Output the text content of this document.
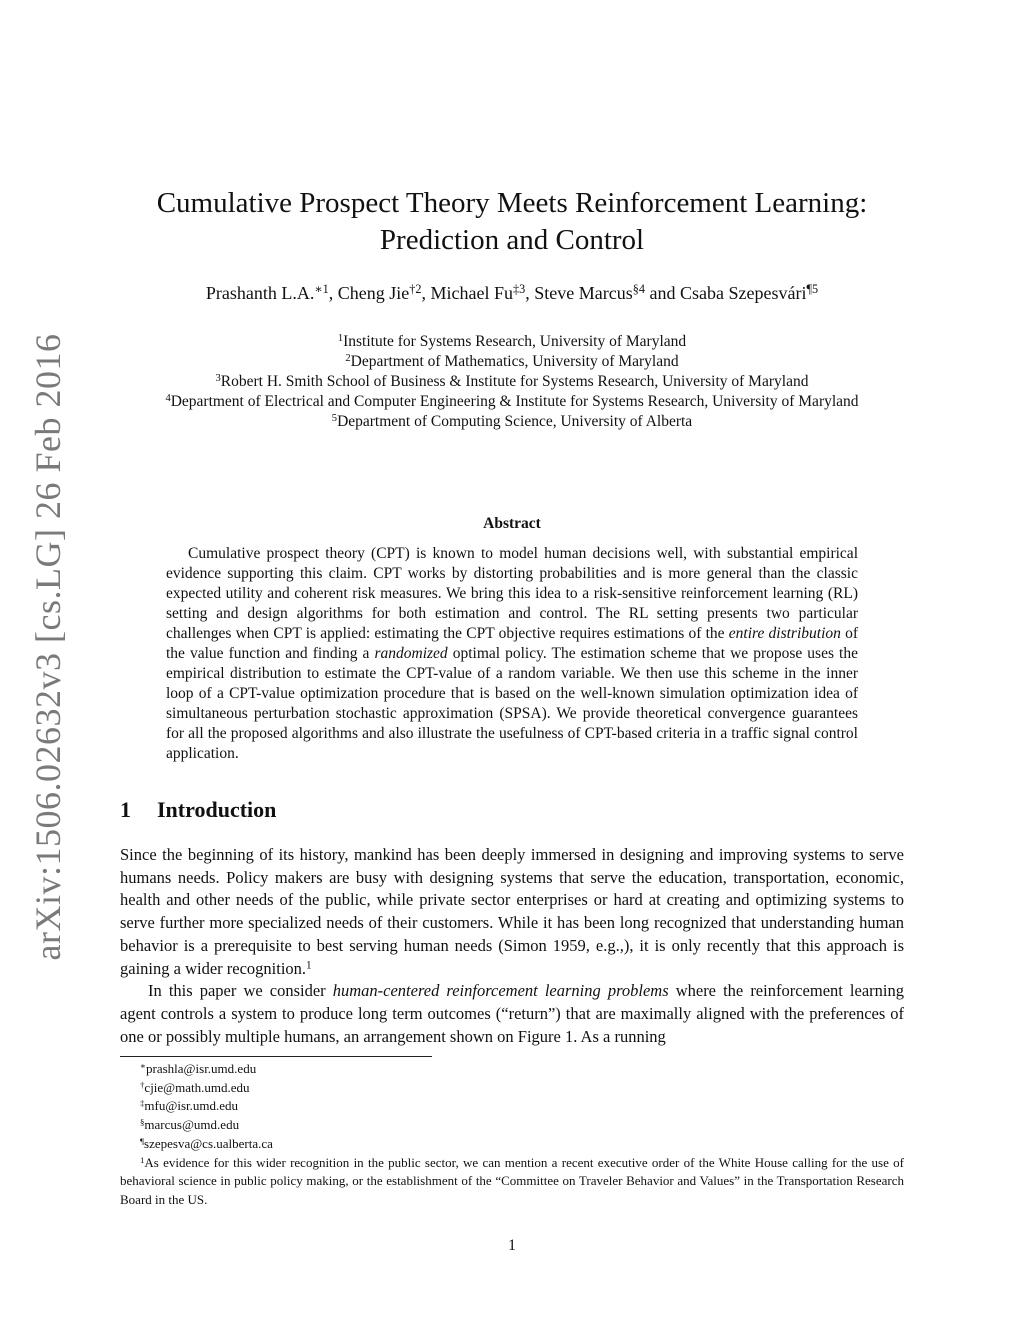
arXiv:1506.02632v3 [cs.LG] 26 Feb 2016
Cumulative Prospect Theory Meets Reinforcement Learning:
Prediction and Control
Prashanth L.A.$^{∗1}$, Cheng Jie$^{\dagger 2}$, Michael Fu$^{\ddagger 3}$, Steve Marcus$^{\S 4}$ and Csaba Szepesvári$^{\P 5}$
$^1$Institute for Systems Research, University of Maryland
$^2$Department of Mathematics, University of Maryland
$^3$Robert H. Smith School of Business & Institute for Systems Research, University of Maryland
$^4$Department of Electrical and Computer Engineering & Institute for Systems Research, University of Maryland
$^5$Department of Computing Science, University of Alberta
Abstract

Cumulative prospect theory (CPT) is known to model human decisions well, with substantial empirical evidence supporting this claim. CPT works by distorting probabilities and is more general than the classic expected utility and coherent risk measures. We bring this idea to a risk-sensitive reinforcement learning (RL) setting and design algorithms for both estimation and control. The RL setting presents two particular challenges when CPT is applied: estimating the CPT objective requires estimations of the entire distribution of the value function and finding a randomized optimal policy. The estimation scheme that we propose uses the empirical distribution to estimate the CPT-value of a random variable. We then use this scheme in the inner loop of a CPT-value optimization procedure that is based on the well-known simulation optimization idea of simultaneous perturbation stochastic approximation (SPSA). We provide theoretical convergence guarantees for all the proposed algorithms and also illustrate the usefulness of CPT-based criteria in a traffic signal control application.

1 Introduction

Since the beginning of its history, mankind has been deeply immersed in designing and improving systems to serve humans needs. Policy makers are busy with designing systems that serve the education, transportation, economic, health and other needs of the public, while private sector enterprises or hard at creating and optimizing systems to serve further more specialized needs of their customers. While it has been long recognized that understanding human behavior is a prerequisite to best serving human needs (Simon 1959, e.g.,), it is only recently that this approach is gaining a wider recognition.$^1$

In this paper we consider human-centered reinforcement learning problems where the reinforcement learning agent controls a system to produce long term outcomes (“return”) that are maximally aligned with the preferences of one or possibly multiple humans, an arrangement shown on Figure 1. As a running

∗prashla@isr.umd.edu
†cjie@math.umd.edu
‡mfu@isr.umd.edu
§marcus@umd.edu
¶szepesva@cs.ualberta.ca
$^1$As evidence for this wider recognition in the public sector, we can mention a recent executive order of the White House calling for the use of behavioral science in public policy making, or the establishment of the “Committee on Traveler Behavior and Values” in the Transportation Research Board in the US.
1
